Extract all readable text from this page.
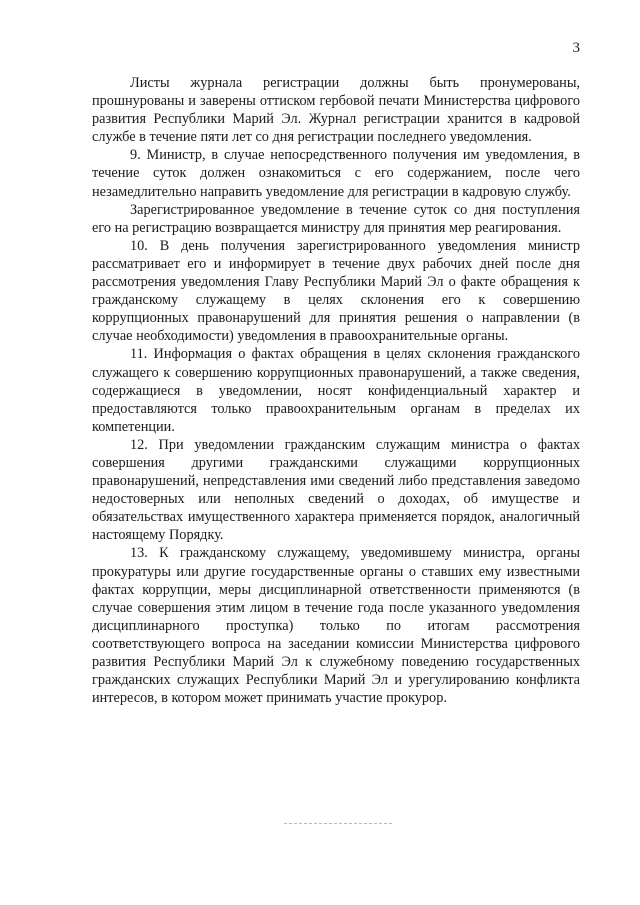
3

Листы журнала регистрации должны быть пронумерованы, прошнурованы и заверены оттиском гербовой печати Министерства цифрового развития Республики Марий Эл. Журнал регистрации хранится в кадровой службе в течение пяти лет со дня регистрации последнего уведомления.

9. Министр, в случае непосредственного получения им уведомления, в течение суток должен ознакомиться с его содержанием, после чего незамедлительно направить уведомление для регистрации в кадровую службу.

Зарегистрированное уведомление в течение суток со дня поступления его на регистрацию возвращается министру для принятия мер реагирования.

10. В день получения зарегистрированного уведомления министр рассматривает его и информирует в течение двух рабочих дней после дня рассмотрения уведомления Главу Республики Марий Эл о факте обращения к гражданскому служащему в целях склонения его к совершению коррупционных правонарушений для принятия решения о направлении (в случае необходимости) уведомления в правоохранительные органы.

11. Информация о фактах обращения в целях склонения гражданского служащего к совершению коррупционных правонарушений, а также сведения, содержащиеся в уведомлении, носят конфиденциальный характер и предоставляются только правоохранительным органам в пределах их компетенции.

12. При уведомлении гражданским служащим министра о фактах совершения другими гражданскими служащими коррупционных правонарушений, непредставления ими сведений либо представления заведомо недостоверных или неполных сведений о доходах, об имуществе и обязательствах имущественного характера применяется порядок, аналогичный настоящему Порядку.

13. К гражданскому служащему, уведомившему министра, органы прокуратуры или другие государственные органы о ставших ему известными фактах коррупции, меры дисциплинарной ответственности применяются (в случае совершения этим лицом в течение года после указанного уведомления дисциплинарного проступка) только по итогам рассмотрения соответствующего вопроса на заседании комиссии Министерства цифрового развития Республики Марий Эл к служебному поведению государственных гражданских служащих Республики Марий Эл и урегулированию конфликта интересов, в котором может принимать участие прокурор.
